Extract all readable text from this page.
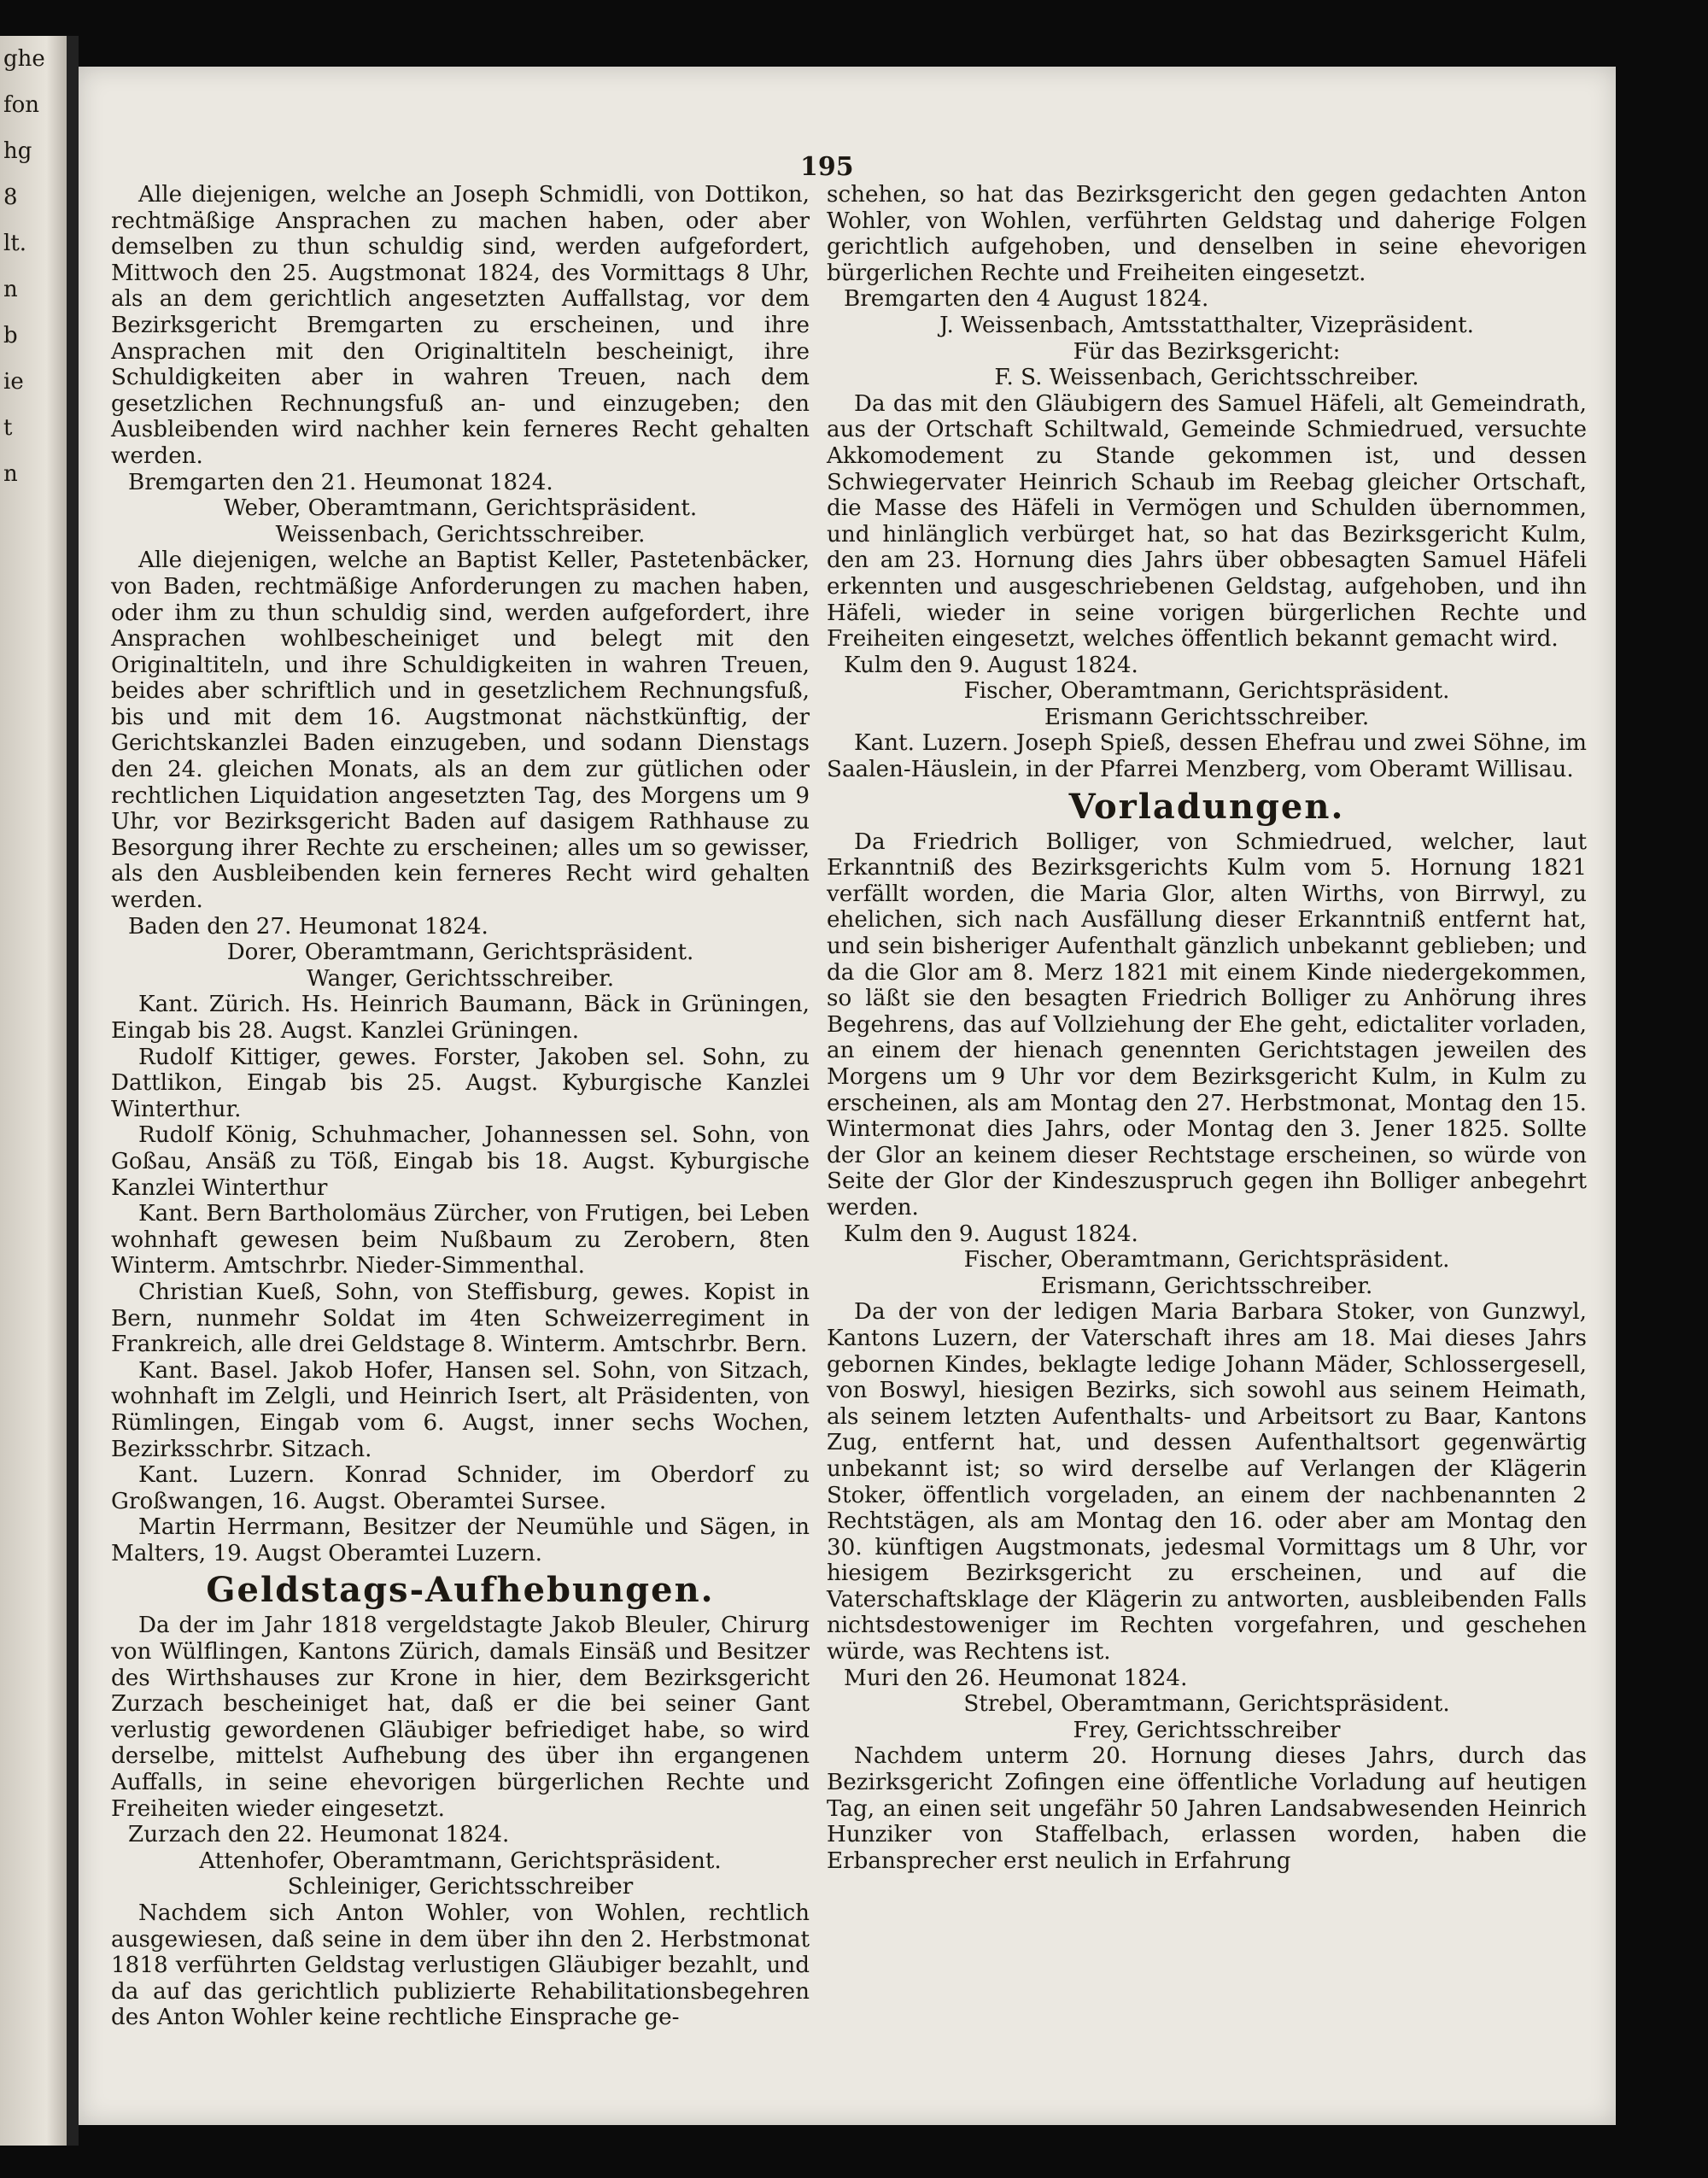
ghe
fon
hg
8
lt.
n
b
ie
t
n
195

Alle diejenigen, welche an Joseph Schmidli, von Dottikon, rechtmäßige Ansprachen zu machen haben, oder aber demselben zu thun schuldig sind, werden aufgefordert, Mittwoch den 25. Augstmonat 1824, des Vormittags 8 Uhr, als an dem gerichtlich angesetzten Auffallstag, vor dem Bezirksgericht Bremgarten zu erscheinen, und ihre Ansprachen mit den Originaltiteln bescheinigt, ihre Schuldigkeiten aber in wahren Treuen, nach dem gesetzlichen Rechnungsfuß an- und einzugeben; den Ausbleibenden wird nachher kein ferneres Recht gehalten werden.

Bremgarten den 21. Heumonat 1824.

Weber, Oberamtmann, Gerichtspräsident.

Weissenbach, Gerichtsschreiber.

Alle diejenigen, welche an Baptist Keller, Pastetenbäcker, von Baden, rechtmäßige Anforderungen zu machen haben, oder ihm zu thun schuldig sind, werden aufgefordert, ihre Ansprachen wohlbescheiniget und belegt mit den Originaltiteln, und ihre Schuldigkeiten in wahren Treuen, beides aber schriftlich und in gesetzlichem Rechnungsfuß, bis und mit dem 16. Augstmonat nächstkünftig, der Gerichtskanzlei Baden einzugeben, und sodann Dienstags den 24. gleichen Monats, als an dem zur gütlichen oder rechtlichen Liquidation angesetzten Tag, des Morgens um 9 Uhr, vor Bezirksgericht Baden auf dasigem Rathhause zu Besorgung ihrer Rechte zu erscheinen; alles um so gewisser, als den Ausbleibenden kein ferneres Recht wird gehalten werden.

Baden den 27. Heumonat 1824.

Dorer, Oberamtmann, Gerichtspräsident.

Wanger, Gerichtsschreiber.

Kant. Zürich. Hs. Heinrich Baumann, Bäck in Grüningen, Eingab bis 28. Augst. Kanzlei Grüningen.

Rudolf Kittiger, gewes. Forster, Jakoben sel. Sohn, zu Dattlikon, Eingab bis 25. Augst. Kyburgische Kanzlei Winterthur.

Rudolf König, Schuhmacher, Johannessen sel. Sohn, von Goßau, Ansäß zu Töß, Eingab bis 18. Augst. Kyburgische Kanzlei Winterthur

Kant. Bern Bartholomäus Zürcher, von Frutigen, bei Leben wohnhaft gewesen beim Nußbaum zu Zerobern, 8ten Winterm. Amtschrbr. Nieder-Simmenthal.

Christian Kueß, Sohn, von Steffisburg, gewes. Kopist in Bern, nunmehr Soldat im 4ten Schweizerregiment in Frankreich, alle drei Geldstage 8. Winterm. Amtschrbr. Bern.

Kant. Basel. Jakob Hofer, Hansen sel. Sohn, von Sitzach, wohnhaft im Zelgli, und Heinrich Isert, alt Präsidenten, von Rümlingen, Eingab vom 6. Augst, inner sechs Wochen, Bezirksschrbr. Sitzach.

Kant. Luzern. Konrad Schnider, im Oberdorf zu Großwangen, 16. Augst. Oberamtei Sursee.

Martin Herrmann, Besitzer der Neumühle und Sägen, in Malters, 19. Augst Oberamtei Luzern.

Geldstags-Aufhebungen.

Da der im Jahr 1818 vergeldstagte Jakob Bleuler, Chirurg von Wülflingen, Kantons Zürich, damals Einsäß und Besitzer des Wirthshauses zur Krone in hier, dem Bezirksgericht Zurzach bescheiniget hat, daß er die bei seiner Gant verlustig gewordenen Gläubiger befriediget habe, so wird derselbe, mittelst Aufhebung des über ihn ergangenen Auffalls, in seine ehevorigen bürgerlichen Rechte und Freiheiten wieder eingesetzt.

Zurzach den 22. Heumonat 1824.

Attenhofer, Oberamtmann, Gerichtspräsident.

Schleiniger, Gerichtsschreiber

Nachdem sich Anton Wohler, von Wohlen, rechtlich ausgewiesen, daß seine in dem über ihn den 2. Herbstmonat 1818 verführten Geldstag verlustigen Gläubiger bezahlt, und da auf das gerichtlich publizierte Rehabilitationsbegehren des Anton Wohler keine rechtliche Einsprache ge-

schehen, so hat das Bezirksgericht den gegen gedachten Anton Wohler, von Wohlen, verführten Geldstag und daherige Folgen gerichtlich aufgehoben, und denselben in seine ehevorigen bürgerlichen Rechte und Freiheiten eingesetzt.

Bremgarten den 4 August 1824.

J. Weissenbach, Amtsstatthalter, Vizepräsident.

Für das Bezirksgericht:

F. S. Weissenbach, Gerichtsschreiber.

Da das mit den Gläubigern des Samuel Häfeli, alt Gemeindrath, aus der Ortschaft Schiltwald, Gemeinde Schmiedrued, versuchte Akkomodement zu Stande gekommen ist, und dessen Schwiegervater Heinrich Schaub im Reebag gleicher Ortschaft, die Masse des Häfeli in Vermögen und Schulden übernommen, und hinlänglich verbürget hat, so hat das Bezirksgericht Kulm, den am 23. Hornung dies Jahrs über obbesagten Samuel Häfeli erkennten und ausgeschriebenen Geldstag, aufgehoben, und ihn Häfeli, wieder in seine vorigen bürgerlichen Rechte und Freiheiten eingesetzt, welches öffentlich bekannt gemacht wird.

Kulm den 9. August 1824.

Fischer, Oberamtmann, Gerichtspräsident.

Erismann Gerichtsschreiber.

Kant. Luzern. Joseph Spieß, dessen Ehefrau und zwei Söhne, im Saalen-Häuslein, in der Pfarrei Menzberg, vom Oberamt Willisau.

Vorladungen.

Da Friedrich Bolliger, von Schmiedrued, welcher, laut Erkanntniß des Bezirksgerichts Kulm vom 5. Hornung 1821 verfällt worden, die Maria Glor, alten Wirths, von Birrwyl, zu ehelichen, sich nach Ausfällung dieser Erkanntniß entfernt hat, und sein bisheriger Aufenthalt gänzlich unbekannt geblieben; und da die Glor am 8. Merz 1821 mit einem Kinde niedergekommen, so läßt sie den besagten Friedrich Bolliger zu Anhörung ihres Begehrens, das auf Vollziehung der Ehe geht, edictaliter vorladen, an einem der hienach genennten Gerichtstagen jeweilen des Morgens um 9 Uhr vor dem Bezirksgericht Kulm, in Kulm zu erscheinen, als am Montag den 27. Herbstmonat, Montag den 15. Wintermonat dies Jahrs, oder Montag den 3. Jener 1825. Sollte der Glor an keinem dieser Rechtstage erscheinen, so würde von Seite der Glor der Kindeszuspruch gegen ihn Bolliger anbegehrt werden.

Kulm den 9. August 1824.

Fischer, Oberamtmann, Gerichtspräsident.

Erismann, Gerichtsschreiber.

Da der von der ledigen Maria Barbara Stoker, von Gunzwyl, Kantons Luzern, der Vaterschaft ihres am 18. Mai dieses Jahrs gebornen Kindes, beklagte ledige Johann Mäder, Schlossergesell, von Boswyl, hiesigen Bezirks, sich sowohl aus seinem Heimath, als seinem letzten Aufenthalts- und Arbeitsort zu Baar, Kantons Zug, entfernt hat, und dessen Aufenthaltsort gegenwärtig unbekannt ist; so wird derselbe auf Verlangen der Klägerin Stoker, öffentlich vorgeladen, an einem der nachbenannten 2 Rechtstägen, als am Montag den 16. oder aber am Montag den 30. künftigen Augstmonats, jedesmal Vormittags um 8 Uhr, vor hiesigem Bezirksgericht zu erscheinen, und auf die Vaterschaftsklage der Klägerin zu antworten, ausbleibenden Falls nichtsdestoweniger im Rechten vorgefahren, und geschehen würde, was Rechtens ist.

Muri den 26. Heumonat 1824.

Strebel, Oberamtmann, Gerichtspräsident.

Frey, Gerichtsschreiber

Nachdem unterm 20. Hornung dieses Jahrs, durch das Bezirksgericht Zofingen eine öffentliche Vorladung auf heutigen Tag, an einen seit ungefähr 50 Jahren Landsabwesenden Heinrich Hunziker von Staffelbach, erlassen worden, haben die Erbansprecher erst neulich in Erfahrung
